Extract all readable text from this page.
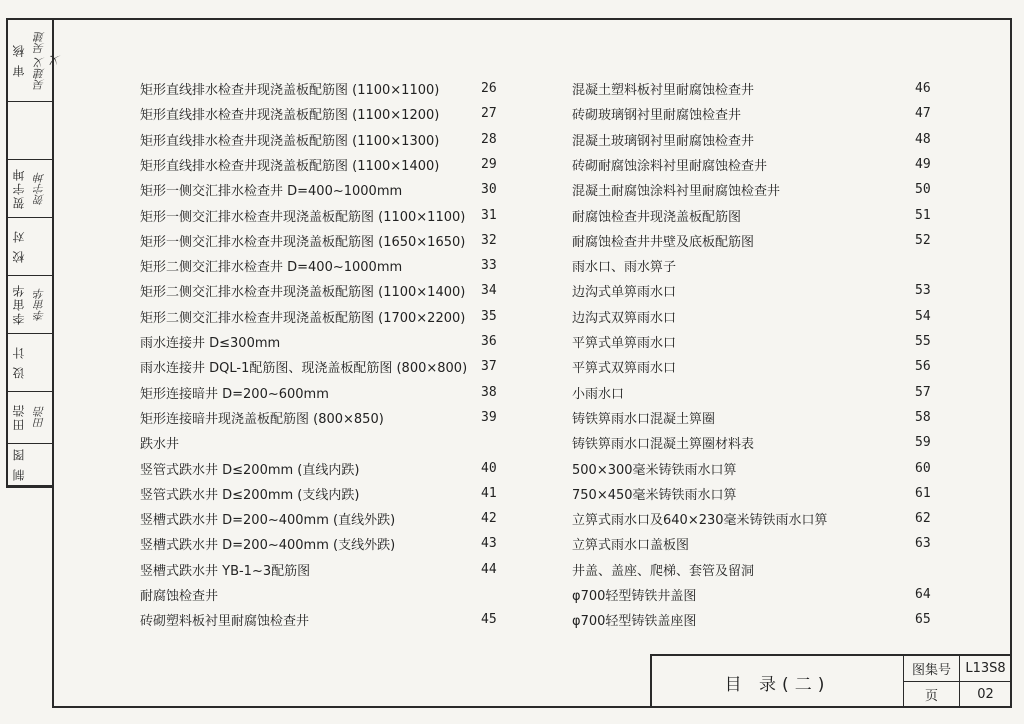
审 核 吴建义 吴建义
贺宇坤 贺宇坤
校 对
李宙华 李宙华
设 计
田浩 田浩
制 图
矩形直线排水检查井现浇盖板配筋图 (1100×1100)	26
矩形直线排水检查井现浇盖板配筋图 (1100×1200)	27
矩形直线排水检查井现浇盖板配筋图 (1100×1300)	28
矩形直线排水检查井现浇盖板配筋图 (1100×1400)	29
矩形一侧交汇排水检查井 D=400~1000mm	30
矩形一侧交汇排水检查井现浇盖板配筋图 (1100×1100) 31
矩形一侧交汇排水检查井现浇盖板配筋图 (1650×1650) 32
矩形二侧交汇排水检查井 D=400~1000mm	33
矩形二侧交汇排水检查井现浇盖板配筋图 (1100×1400) 34
矩形二侧交汇排水检查井现浇盖板配筋图 (1700×2200) 35
雨水连接井 D≤300mm	36
雨水连接井 DQL-1配筋图、现浇盖板配筋图 (800×800) 37
矩形连接暗井 D=200~600mm	38
矩形连接暗井现浇盖板配筋图 (800×850)	39
跌水井
竖管式跌水井 D≤200mm (直线内跌)	40
竖管式跌水井 D≤200mm (支线内跌)	41
竖槽式跌水井 D=200~400mm (直线外跌)	42
竖槽式跌水井 D=200~400mm (支线外跌)	43
竖槽式跌水井 YB-1~3配筋图	44
耐腐蚀检查井
砖砌塑料板衬里耐腐蚀检查井	45
混凝土塑料板衬里耐腐蚀检查井	46
砖砌玻璃钢衬里耐腐蚀检查井	47
混凝土玻璃钢衬里耐腐蚀检查井	48
砖砌耐腐蚀涂料衬里耐腐蚀检查井	49
混凝土耐腐蚀涂料衬里耐腐蚀检查井	50
耐腐蚀检查井现浇盖板配筋图	51
耐腐蚀检查井井壁及底板配筋图	52
雨水口、雨水箅子
边沟式单箅雨水口	53
边沟式双箅雨水口	54
平箅式单箅雨水口	55
平箅式双箅雨水口	56
小雨水口	57
铸铁箅雨水口混凝土箅圈	58
铸铁箅雨水口混凝土箅圈材料表	59
500×300毫米铸铁雨水口箅	60
750×450毫米铸铁雨水口箅	61
立箅式雨水口及640×230毫米铸铁雨水口箅	62
立箅式雨水口盖板图	63
井盖、盖座、爬梯、套管及留洞
φ700轻型铸铁井盖图	64
φ700轻型铸铁盖座图	65
目 录(二)
图集号	L13S8
页	02
